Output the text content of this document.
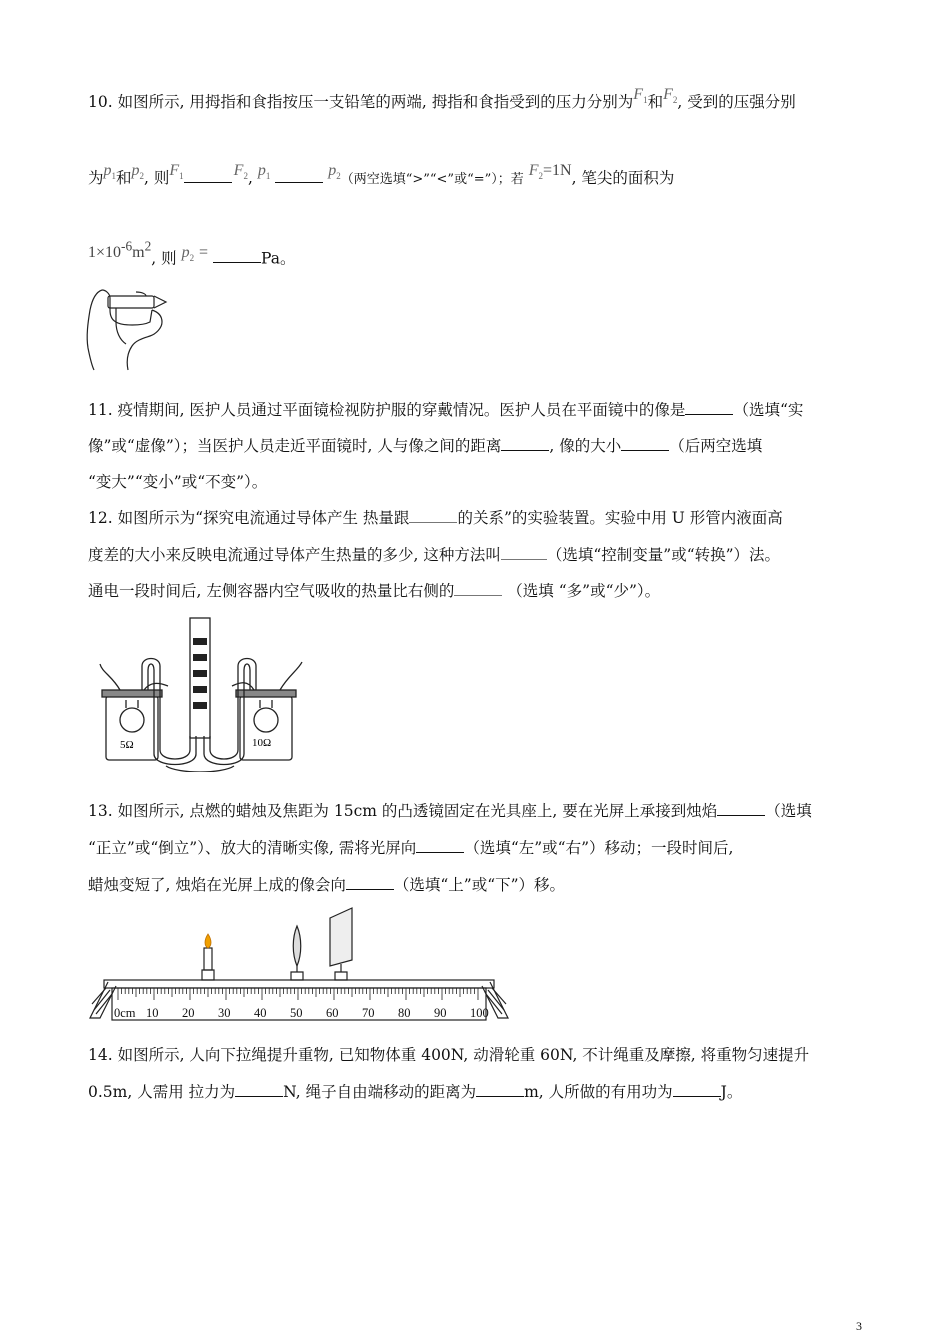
10. 如图所示, 用拇指和食指按压一支铅笔的两端, 拇指和食指受到的压力分别为$F_1$和$F_2$, 受到的压强分别
为$p_1$和$p_2$, 则$F_1$	$F_2$, $p_1$	$p_2$（两空选填“>”“<”或“=”）；若 $F_2=1N$, 笔尖的面积为
$1\times 10^{-6}m^2$, 则 $p_2$ =	Pa。
11. 疫情期间, 医护人员通过平面镜检视防护服的穿戴情况。医护人员在平面镜中的像是	（选填“实
像”或“虚像”）；当医护人员走近平面镜时, 人与像之间的距离	, 像的大小	（后两空选填
“变大”“变小”或“不变”）。
12. 如图所示为“探究电流通过导体产生 热量跟	的关系”的实验装置。实验中用 U 形管内液面高
度差的大小来反映电流通过导体产生热量的多少, 这种方法叫	（选填“控制变量”或“转换”）法。
通电一段时间后, 左侧容器内空气吸收的热量比右侧的	（选填 “多”或“少”）。
5Ω	10Ω
13. 如图所示, 点燃的蜡烛及焦距为 15cm 的凸透镜固定在光具座上, 要在光屏上承接到烛焰	（选填
“正立”或“倒立”）、放大的清晰实像, 需将光屏向	（选填“左”或“右”）移动；一段时间后,
蜡烛变短了, 烛焰在光屏上成的像会向	（选填“上”或“下”）移。
0cm 10 20 30 40 50 60 70 80 90 100
14. 如图所示, 人向下拉绳提升重物, 已知物体重 400N, 动滑轮重 60N, 不计绳重及摩擦, 将重物匀速提升
0.5m, 人需用 拉力为	N, 绳子自由端移动的距离为	m, 人所做的有用功为	J。
3
